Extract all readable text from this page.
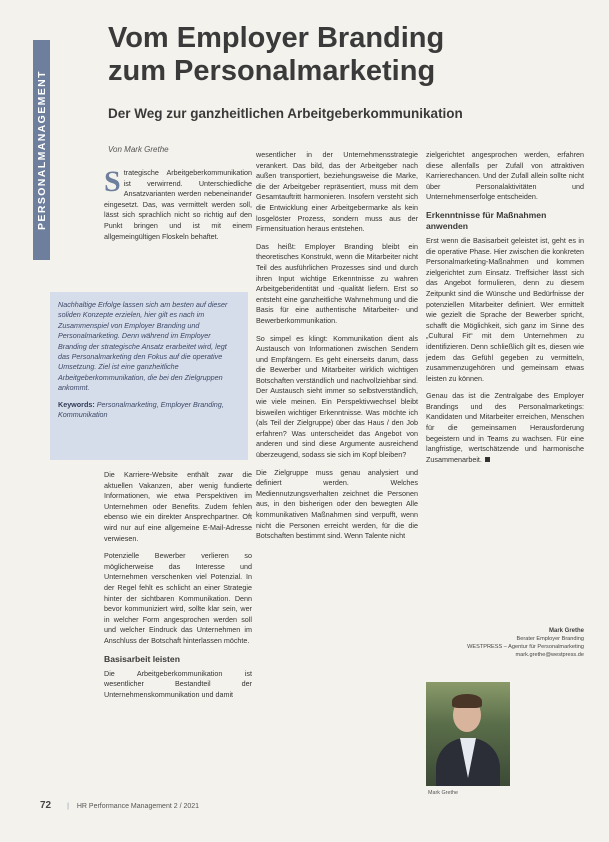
PERSONALMANAGEMENT
Vom Employer Branding
zum Personalmarketing
Der Weg zur ganzheitlichen Arbeitgeberkommunikation
Von Mark Grethe

Strategische Arbeitgeberkommunikation ist verwirrend. Unterschiedliche Ansatzvarianten werden nebeneinander eingesetzt. Das, was vermittelt werden soll, lässt sich sprachlich nicht so richtig auf den Punkt bringen und ist mit einem allgemeingültigen Floskeln behaftet.

Nachhaltige Erfolge lassen sich am besten auf dieser soliden Konzepte erzielen, hier gilt es nach im Zusammenspiel von Employer Branding und Personalmarketing. Denn während im Employer Branding der strategische Ansatz erarbeitet wird, legt das Personalmarketing den Fokus auf die operative Umsetzung. Ziel ist eine ganzheitliche Arbeitgeberkommunikation, die bei den Zielgruppen ankommt.

Keywords: Personalmarketing, Employer Branding, Kommunikation

Die Karriere-Website enthält zwar die aktuellen Vakanzen, aber wenig fundierte Informationen, wie etwa Perspektiven im Unternehmen oder Benefits. Zudem fehlen ebenso wie ein direkter Ansprechpartner. Oft wird nur auf eine allgemeine E-Mail-Adresse verwiesen.

Potenzielle Bewerber verlieren so möglicherweise das Interesse und Unternehmen verschenken viel Potenzial. In der Regel fehlt es schlicht an einer Strategie hinter der sichtbaren Kommunikation. Denn bevor kommuniziert wird, sollte klar sein, wer in welcher Form angesprochen werden soll und welcher Eindruck das Unternehmen im Anschluss der Botschaft hinterlassen möchte.

Basisarbeit leisten

Die Arbeitgeberkommunikation ist wesentlicher Bestandteil der Unternehmenskommunikation und damit

wesentlicher in der Unternehmensstrategie verankert. Das bild, das der Arbeitgeber nach außen transportiert, beziehungsweise die Marke, die der Arbeitgeber repräsentiert, muss mit dem Gesamtauftritt harmonieren. Insofern versteht sich die Entwicklung einer Arbeitgebermarke als kein losgelöster Prozess, sondern muss aus der Firmensituation heraus entstehen.

Das heißt: Employer Branding bleibt ein theoretisches Konstrukt, wenn die Mitarbeiter nicht Teil des ausführlichen Prozesses sind und durch ihren Input wichtige Erkenntnisse zu wahren Arbeitgeberidentität und -qualität liefern. Erst so entsteht eine ganzheitliche Wahrnehmung und die Basis für eine authentische Mitarbeiter- und Bewerberkommunikation.

So simpel es klingt: Kommunikation dient als Austausch von Informationen zwischen Sendern und Empfängern. Es geht einerseits darum, dass die Bewerber und Mitarbeiter wirklich wichtigen Botschaften verständlich und nachvollziehbar sind. Der Austausch sieht immer so selbstverständlich, wie viele meinen. Ein Perspektivwechsel bleibt bisweilen wichtiger Erkenntnisse. Was möchte ich (als Teil der Zielgruppe) über das Haus / den Job erfahren? Was unterscheidet das Angebot von anderen und sind diese Argumente ausreichend überzeugend, sodass sie sich im Kopf bleiben?

Die Zielgruppe muss genau analysiert und definiert werden. Welches Mediennutzungsverhalten zeichnet die Personen aus, in den bisherigen oder den bewegten Alle kommunikativen Maßnahmen sind verpufft, wenn nicht die Personen erreicht werden, für die die Botschaften bestimmt sind. Wenn Talente nicht

zielgerichtet angesprochen werden, erfahren diese allenfalls per Zufall von attraktiven Karrierechancen. Und der Zufall allein sollte nicht über Personalaktivitäten und Unternehmenserfolge entscheiden.

Erkenntnisse für Maßnahmen anwenden

Erst wenn die Basisarbeit geleistet ist, geht es in die operative Phase. Hier zwischen die konkreten Personalmarketing-Maßnahmen und kommen zielgerichtet zum Einsatz. Treffsicher lässt sich das Angebot formulieren, denn zu diesem Zeitpunkt sind die Wünsche und Bedürfnisse der potenziellen Mitarbeiter definiert. Wer ermittelt wie gezielt die Sprache der Bewerber spricht, schafft die Möglichkeit, sich ganz im Sinne des „Cultural Fit“ mit dem Unternehmen zu identifizieren. Denn schließlich gilt es, diesen wie jedem das Gefühl gegeben zu vermitteln, zusammenzugehören und gemeinsam etwas leisten zu können.

Genau das ist die Zentralgabe des Employer Brandings und des Personalmarketings: Kandidaten und Mitarbeiter erreichen, Menschen für die gemeinsamen Herausforderung begeistern und in Teams zu wachsen. Für eine langfristige, wertschätzende und harmonische Zusammenarbeit.

Mark Grethe
Berater Employer Branding
WESTPRESS – Agentur für Personalmarketing
mark.grethe@westpress.de
Mark Grethe
72 | HR Performance Management 2 / 2021
